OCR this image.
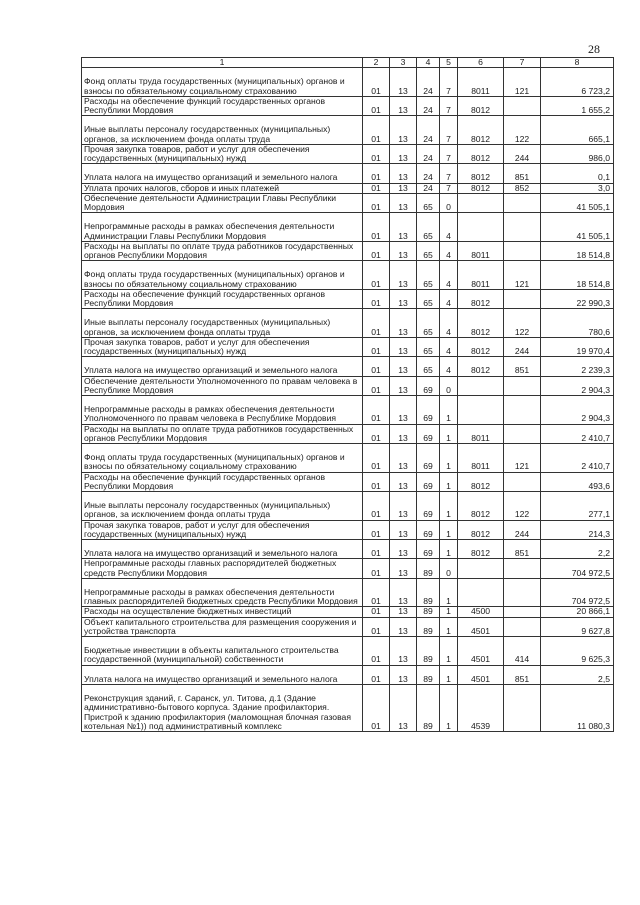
28
1	2	3	4	5	6	7	8
Фонд оплаты труда государственных (муниципальных) органов и взносы по обязательному социальному страхованию	01	13	24	7	8011	121	6 723,2
Расходы на обеспечение функций государственных органов Республики Мордовия	01	13	24	7	8012		1 655,2
Иные выплаты персоналу государственных (муниципальных) органов, за исключением фонда оплаты труда	01	13	24	7	8012	122	665,1
Прочая закупка товаров, работ и услуг для обеспечения государственных (муниципальных) нужд	01	13	24	7	8012	244	986,0
Уплата налога на имущество организаций и земельного налога	01	13	24	7	8012	851	0,1
Уплата прочих налогов, сборов и иных платежей	01	13	24	7	8012	852	3,0
Обеспечение деятельности Администрации Главы Республики Мордовия	01	13	65	0			41 505,1
Непрограммные расходы в рамках обеспечения деятельности Администрации Главы Республики Мордовия	01	13	65	4			41 505,1
Расходы на выплаты по оплате труда работников государственных органов Республики Мордовия	01	13	65	4	8011		18 514,8
Фонд оплаты труда государственных (муниципальных) органов и взносы по обязательному социальному страхованию	01	13	65	4	8011	121	18 514,8
Расходы на обеспечение функций государственных органов Республики Мордовия	01	13	65	4	8012		22 990,3
Иные выплаты персоналу государственных (муниципальных) органов, за исключением фонда оплаты труда	01	13	65	4	8012	122	780,6
Прочая закупка товаров, работ и услуг для обеспечения государственных (муниципальных) нужд	01	13	65	4	8012	244	19 970,4
Уплата налога на имущество организаций и земельного налога	01	13	65	4	8012	851	2 239,3
Обеспечение деятельности Уполномоченного по правам человека в Республике Мордовия	01	13	69	0			2 904,3
Непрограммные расходы в рамках обеспечения деятельности Уполномоченного по правам человека в Республике Мордовия	01	13	69	1			2 904,3
Расходы на выплаты по оплате труда работников государственных органов Республики Мордовия	01	13	69	1	8011		2 410,7
Фонд оплаты труда государственных (муниципальных) органов и взносы по обязательному социальному страхованию	01	13	69	1	8011	121	2 410,7
Расходы на обеспечение функций государственных органов Республики Мордовия	01	13	69	1	8012		493,6
Иные выплаты персоналу государственных (муниципальных) органов, за исключением фонда оплаты труда	01	13	69	1	8012	122	277,1
Прочая закупка товаров, работ и услуг для обеспечения государственных (муниципальных) нужд	01	13	69	1	8012	244	214,3
Уплата налога на имущество организаций и земельного налога	01	13	69	1	8012	851	2,2
Непрограммные расходы главных распорядителей бюджетных средств Республики Мордовия	01	13	89	0			704 972,5
Непрограммные расходы в рамках обеспечения деятельности главных распорядителей бюджетных средств Республики Мордовия	01	13	89	1			704 972,5
Расходы на осуществление бюджетных инвестиций	01	13	89	1	4500		20 866,1
Объект капитального строительства для размещения сооружения и устройства транспорта	01	13	89	1	4501		9 627,8
Бюджетные инвестиции в объекты капитального строительства государственной (муниципальной) собственности	01	13	89	1	4501	414	9 625,3
Уплата налога на имущество организаций и земельного налога	01	13	89	1	4501	851	2,5
Реконструкция зданий, г. Саранск, ул. Титова, д.1 (Здание административно-бытового корпуса. Здание профилактория. Пристрой к зданию профилактория (маломощная блочная газовая котельная №1)) под административный комплекс	01	13	89	1	4539		11 080,3
